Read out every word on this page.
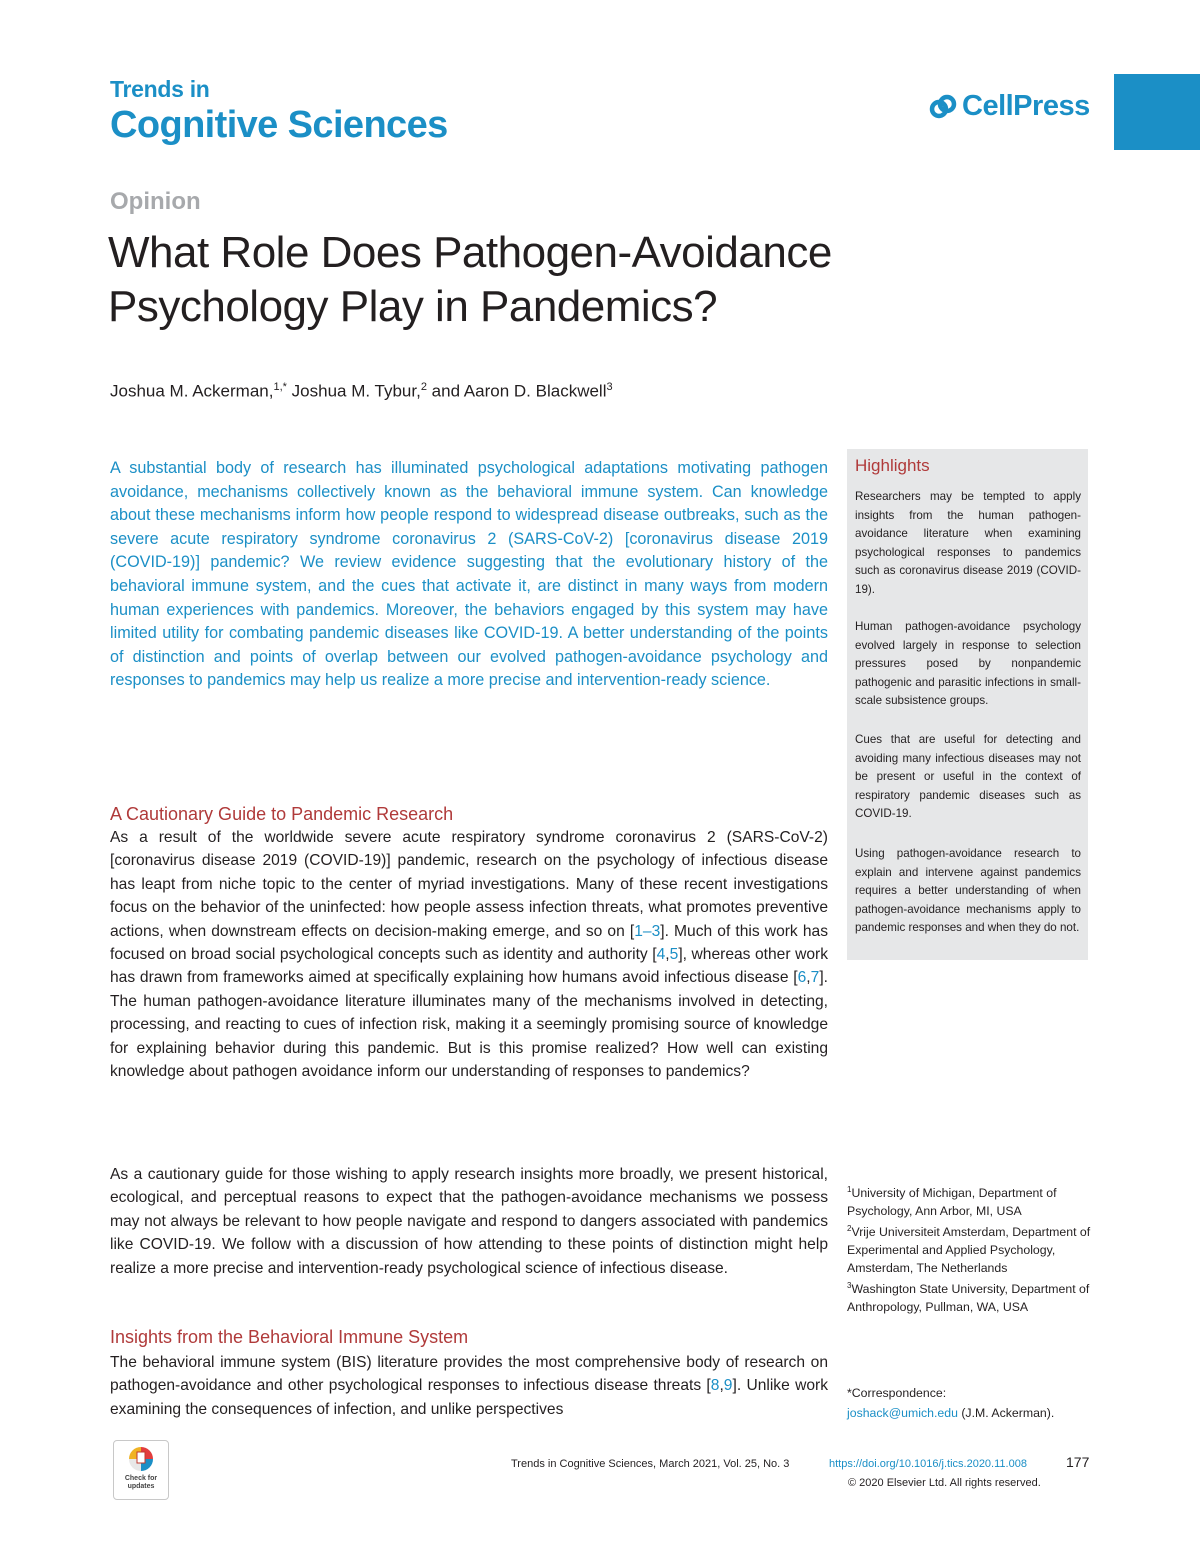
Trends in
Cognitive Sciences	CellPress
Opinion
What Role Does Pathogen-Avoidance Psychology Play in Pandemics?
Joshua M. Ackerman,$^{1,*}$ Joshua M. Tybur,$^2$ and Aaron D. Blackwell$^3$
A substantial body of research has illuminated psychological adaptations motivating pathogen avoidance, mechanisms collectively known as the behavioral immune system. Can knowledge about these mechanisms inform how people respond to widespread disease outbreaks, such as the severe acute respiratory syndrome coronavirus 2 (SARS-CoV-2) [coronavirus disease 2019 (COVID-19)] pandemic? We review evidence suggesting that the evolutionary history of the behavioral immune system, and the cues that activate it, are distinct in many ways from modern human experiences with pandemics. Moreover, the behaviors engaged by this system may have limited utility for combating pandemic diseases like COVID-19. A better understanding of the points of distinction and points of overlap between our evolved pathogen-avoidance psychology and responses to pandemics may help us realize a more precise and intervention-ready science.
A Cautionary Guide to Pandemic Research
As a result of the worldwide severe acute respiratory syndrome coronavirus 2 (SARS-CoV-2) [coronavirus disease 2019 (COVID-19)] pandemic, research on the psychology of infectious disease has leapt from niche topic to the center of myriad investigations. Many of these recent investigations focus on the behavior of the uninfected: how people assess infection threats, what promotes preventive actions, when downstream effects on decision-making emerge, and so on [1–3]. Much of this work has focused on broad social psychological concepts such as identity and authority [4,5], whereas other work has drawn from frameworks aimed at specifically explaining how humans avoid infectious disease [6,7]. The human pathogen-avoidance literature illuminates many of the mechanisms involved in detecting, processing, and reacting to cues of infection risk, making it a seemingly promising source of knowledge for explaining behavior during this pandemic. But is this promise realized? How well can existing knowledge about pathogen avoidance inform our understanding of responses to pandemics?
As a cautionary guide for those wishing to apply research insights more broadly, we present historical, ecological, and perceptual reasons to expect that the pathogen-avoidance mechanisms we possess may not always be relevant to how people navigate and respond to dangers associated with pandemics like COVID-19. We follow with a discussion of how attending to these points of distinction might help realize a more precise and intervention-ready psychological science of infectious disease.
Insights from the Behavioral Immune System
The behavioral immune system (BIS) literature provides the most comprehensive body of research on pathogen-avoidance and other psychological responses to infectious disease threats [8,9]. Unlike work examining the consequences of infection, and unlike perspectives
Highlights
Researchers may be tempted to apply insights from the human pathogen-avoidance literature when examining psychological responses to pandemics such as coronavirus disease 2019 (COVID-19).
Human pathogen-avoidance psychology evolved largely in response to selection pressures posed by nonpandemic pathogenic and parasitic infections in small-scale subsistence groups.
Cues that are useful for detecting and avoiding many infectious diseases may not be present or useful in the context of respiratory pandemic diseases such as COVID-19.
Using pathogen-avoidance research to explain and intervene against pandemics requires a better understanding of when pathogen-avoidance mechanisms apply to pandemic responses and when they do not.
$^1$University of Michigan, Department of Psychology, Ann Arbor, MI, USA
$^2$Vrije Universiteit Amsterdam, Department of Experimental and Applied Psychology, Amsterdam, The Netherlands
$^3$Washington State University, Department of Anthropology, Pullman, WA, USA
*Correspondence:
joshack@umich.edu (J.M. Ackerman).
Check for updates
Trends in Cognitive Sciences, March 2021, Vol. 25, No. 3	https://doi.org/10.1016/j.tics.2020.11.008	177
© 2020 Elsevier Ltd. All rights reserved.
